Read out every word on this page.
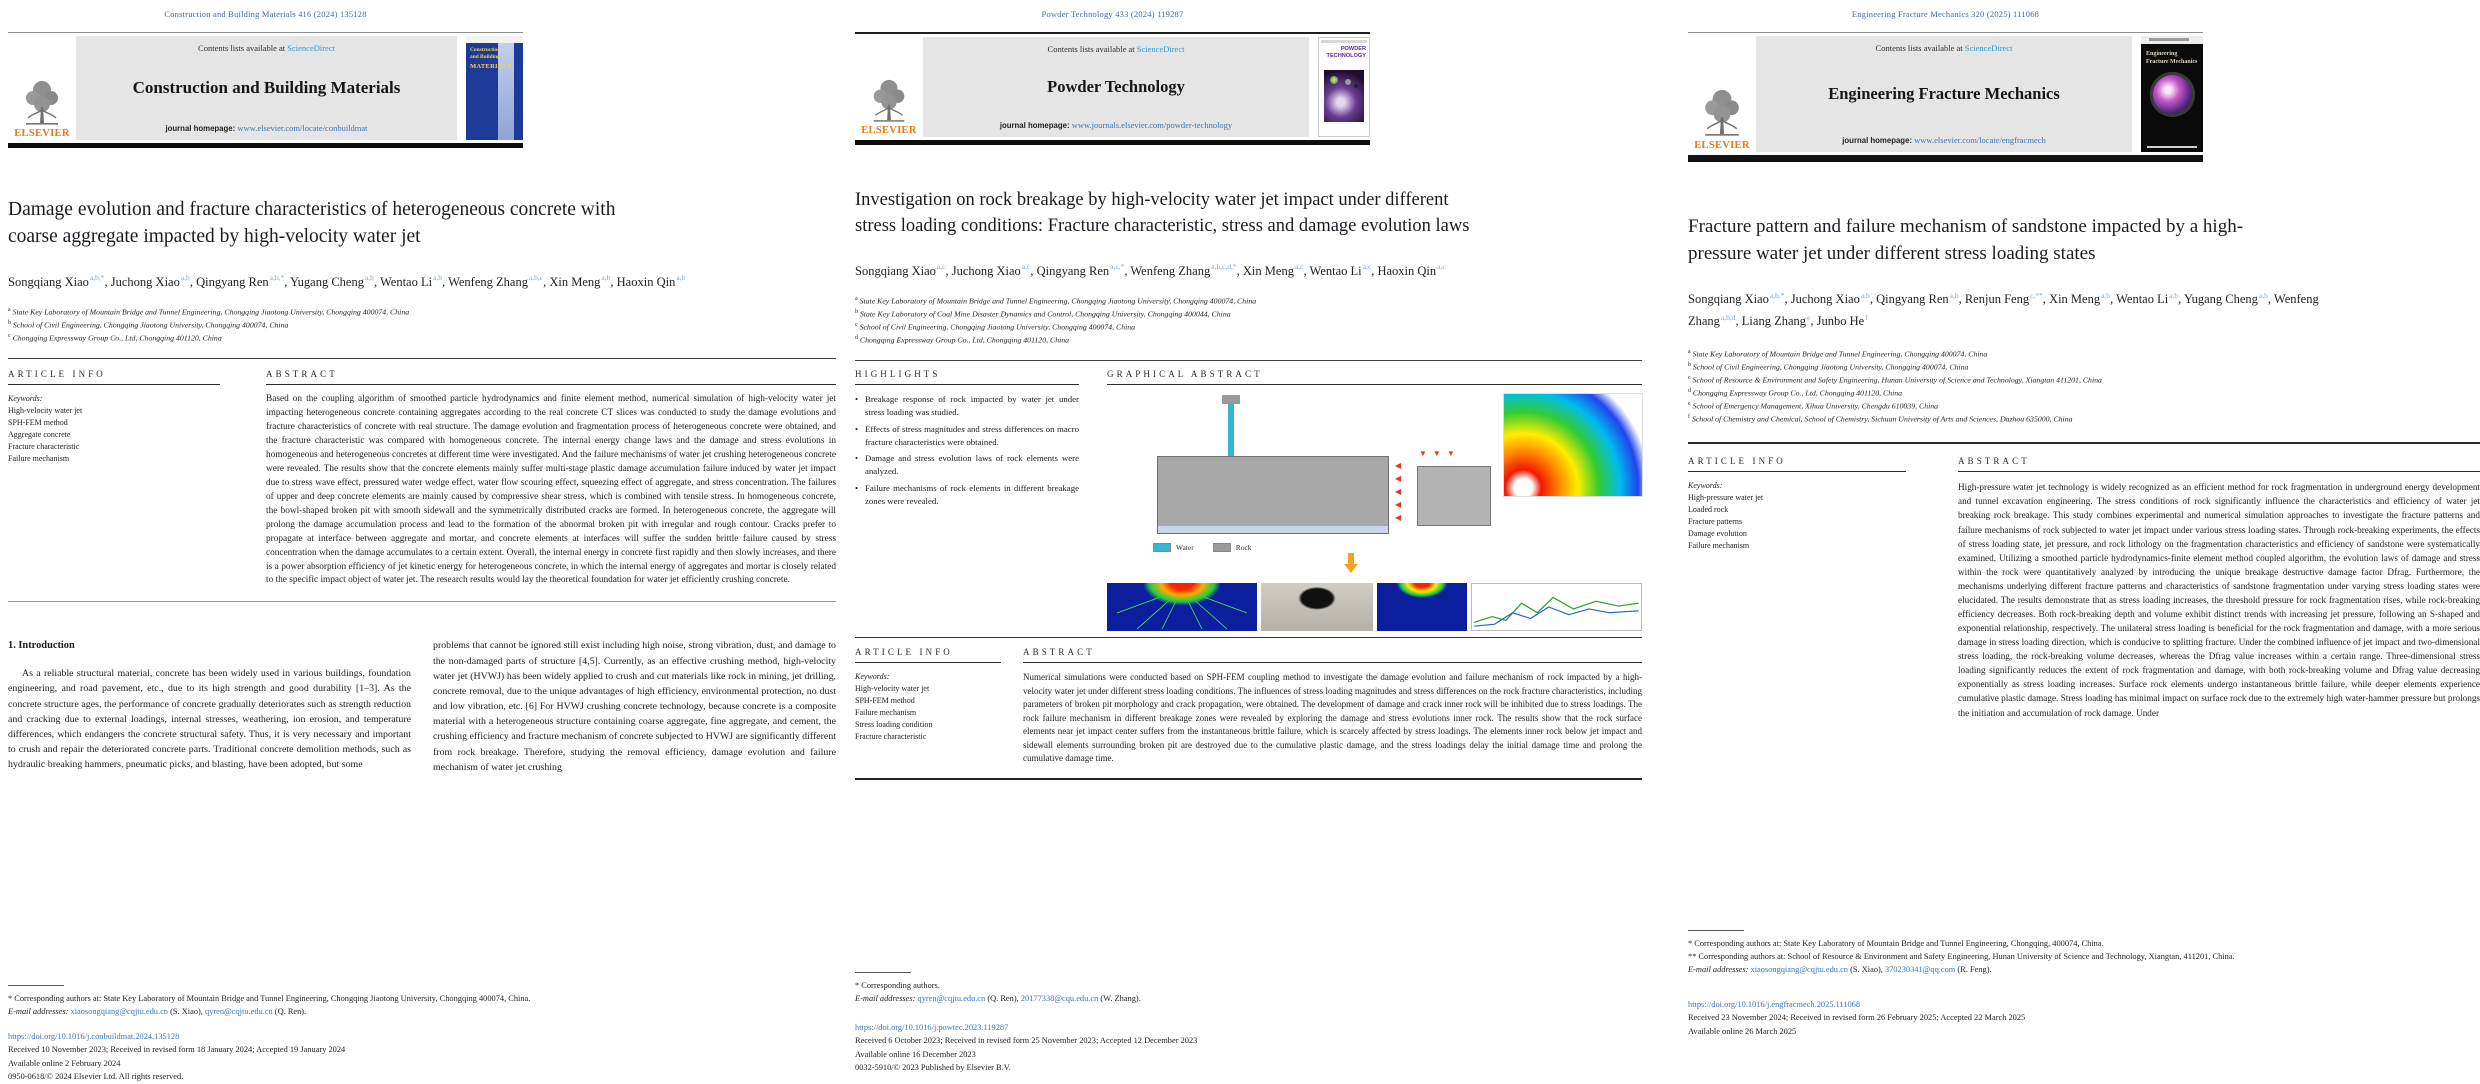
Construction and Building Materials 416 (2024) 135128
ELSEVIER
Contents lists available at ScienceDirect
Construction and Building Materials
journal homepage: www.elsevier.com/locate/conbuildmat
Construction and Building
MATERIALS
Damage evolution and fracture characteristics of heterogeneous concrete with coarse aggregate impacted by high-velocity water jet
Songqiang Xiao$^{a,b,*}$, Juchong Xiao$^{a,b}$, Qingyang Ren$^{a,b,*}$, Yugang Cheng$^{a,b}$, Wentao Li$^{a,b}$, Wenfeng Zhang$^{a,b,c}$, Xin Meng$^{a,b}$, Haoxin Qin$^{a,b}$
$^a$ State Key Laboratory of Mountain Bridge and Tunnel Engineering, Chongqing Jiaotong University, Chongqing 400074, China
$^b$ School of Civil Engineering, Chongqing Jiaotong University, Chongqing 400074, China
$^c$ Chongqing Expressway Group Co., Ltd, Chongqing 401120, China
ARTICLE INFO
Keywords:
High-velocity water jet
SPH-FEM method
Aggregate concrete
Fracture characteristic
Failure mechanism
ABSTRACT
Based on the coupling algorithm of smoothed particle hydrodynamics and finite element method, numerical simulation of high-velocity water jet impacting heterogeneous concrete containing aggregates according to the real concrete CT slices was conducted to study the damage evolutions and fracture characteristics of concrete with real structure. The damage evolution and fragmentation process of heterogeneous concrete were obtained, and the fracture characteristic was compared with homogeneous concrete. The internal energy change laws and the damage and stress evolutions in homogeneous and heterogeneous concretes at different time were investigated. And the failure mechanisms of water jet crushing heterogeneous concrete were revealed. The results show that the concrete elements mainly suffer multi-stage plastic damage accumulation failure induced by water jet impact due to stress wave effect, pressured water wedge effect, water flow scouring effect, squeezing effect of aggregate, and stress concentration. The failures of upper and deep concrete elements are mainly caused by compressive shear stress, which is combined with tensile stress. In homogeneous concrete, the bowl-shaped broken pit with smooth sidewall and the symmetrically distributed cracks are formed. In heterogeneous concrete, the aggregate will prolong the damage accumulation process and lead to the formation of the abnormal broken pit with irregular and rough contour. Cracks prefer to propagate at interface between aggregate and mortar, and concrete elements at interfaces will suffer the sudden brittle failure caused by stress concentration when the damage accumulates to a certain extent. Overall, the internal energy in concrete first rapidly and then slowly increases, and there is a power absorption efficiency of jet kinetic energy for heterogeneous concrete, in which the internal energy of aggregates and mortar is closely related to the specific impact object of water jet. The research results would lay the theoretical foundation for water jet efficiently crushing concrete.
1. Introduction

As a reliable structural material, concrete has been widely used in various buildings, foundation engineering, and road pavement, etc., due to its high strength and good durability [1–3]. As the concrete structure ages, the performance of concrete gradually deteriorates such as strength reduction and cracking due to external loadings, internal stresses, weathering, ion erosion, and temperature differences, which endangers the concrete structural safety. Thus, it is very necessary and important to crush and repair the deteriorated concrete parts. Traditional concrete demolition methods, such as hydraulic breaking hammers, pneumatic picks, and blasting, have been adopted, but some

problems that cannot be ignored still exist including high noise, strong vibration, dust, and damage to the non-damaged parts of structure [4,5]. Currently, as an effective crushing method, high-velocity water jet (HVWJ) has been widely applied to crush and cut materials like rock in mining, jet drilling, concrete removal, due to the unique advantages of high efficiency, environmental protection, no dust and low vibration, etc. [6] For HVWJ crushing concrete technology, because concrete is a composite material with a heterogeneous structure containing coarse aggregate, fine aggregate, and cement, the crushing efficiency and fracture mechanism of concrete subjected to HVWJ are significantly different from rock breakage. Therefore, studying the removal efficiency, damage evolution and failure mechanism of water jet crushing

* Corresponding authors at: State Key Laboratory of Mountain Bridge and Tunnel Engineering, Chongqing Jiaotong University, Chongqing 400074, China.
E-mail addresses: xiaosongqiang@cqjtu.edu.cn (S. Xiao), qyren@cqjtu.edu.cn (Q. Ren).
https://doi.org/10.1016/j.conbuildmat.2024.135128
Received 10 November 2023; Received in revised form 18 January 2024; Accepted 19 January 2024
Available online 2 February 2024
0950-0618/© 2024 Elsevier Ltd. All rights reserved.
Powder Technology 433 (2024) 119287
ELSEVIER
Contents lists available at ScienceDirect
Powder Technology
journal homepage: www.journals.elsevier.com/powder-technology
POWDER TECHNOLOGY
Investigation on rock breakage by high-velocity water jet impact under different stress loading conditions: Fracture characteristic, stress and damage evolution laws
Songqiang Xiao$^{a,c}$, Juchong Xiao$^{a,c}$, Qingyang Ren$^{a,c,*}$, Wenfeng Zhang$^{a,b,c,d,*}$, Xin Meng$^{a,c}$, Wentao Li$^{a,c}$, Haoxin Qin$^{a,c}$
$^a$ State Key Laboratory of Mountain Bridge and Tunnel Engineering, Chongqing Jiaotong University, Chongqing 400074, China
$^b$ State Key Laboratory of Coal Mine Disaster Dynamics and Control, Chongqing University, Chongqing 400044, China
$^c$ School of Civil Engineering, Chongqing Jiaotong University, Chongqing 400074, China
$^d$ Chongqing Expressway Group Co., Ltd, Chongqing 401120, China
HIGHLIGHTS
• Breakage response of rock impacted by water jet under stress loading was studied.
• Effects of stress magnitudes and stress differences on macro fracture characteristics were obtained.
• Damage and stress evolution laws of rock elements were analyzed.
• Failure mechanisms of rock elements in different breakage zones were revealed.
GRAPHICAL ABSTRACT
◀
◀
◀
◀
◀
▼▼▼
Water	Rock
ARTICLE INFO
Keywords:
High-velocity water jet
SPH-FEM method
Failure mechanism
Stress loading condition
Fracture characteristic
ABSTRACT
Numerical simulations were conducted based on SPH-FEM coupling method to investigate the damage evolution and failure mechanism of rock impacted by a high-velocity water jet under different stress loading conditions. The influences of stress loading magnitudes and stress differences on the rock fracture characteristics, including parameters of broken pit morphology and crack propagation, were obtained. The development of damage and crack inner rock will be inhibited due to stress loadings. The rock failure mechanism in different breakage zones were revealed by exploring the damage and stress evolutions inner rock. The results show that the rock surface elements near jet impact center suffers from the instantaneous brittle failure, which is scarcely affected by stress loadings. The elements inner rock below jet impact and sidewall elements surrounding broken pit are destroyed due to the cumulative plastic damage, and the stress loadings delay the initial damage time and prolong the cumulative damage time.
* Corresponding authors.
E-mail addresses: qyren@cqjtu.edu.cn (Q. Ren), 20177338@cqu.edu.cn (W. Zhang).
https://doi.org/10.1016/j.powtec.2023.119287
Received 6 October 2023; Received in revised form 25 November 2023; Accepted 12 December 2023
Available online 16 December 2023
0032-5910/© 2023 Published by Elsevier B.V.
Engineering Fracture Mechanics 320 (2025) 111068
ELSEVIER
Contents lists available at ScienceDirect
Engineering Fracture Mechanics
journal homepage: www.elsevier.com/locate/engfracmech
Engineering Fracture Mechanics
Fracture pattern and failure mechanism of sandstone impacted by a high-pressure water jet under different stress loading states
Songqiang Xiao$^{a,b,*}$, Juchong Xiao$^{a,b}$, Qingyang Ren$^{a,b}$, Renjun Feng$^{c,**}$, Xin Meng$^{a,b}$, Wentao Li$^{a,b}$, Yugang Cheng$^{a,b}$, Wenfeng Zhang$^{a,b,d}$, Liang Zhang$^e$, Junbo He$^f$
$^a$ State Key Laboratory of Mountain Bridge and Tunnel Engineering, Chongqing 400074, China
$^b$ School of Civil Engineering, Chongqing Jiaotong University, Chongqing 400074, China
$^c$ School of Resource & Environment and Safety Engineering, Hunan University of Science and Technology, Xiangtan 411201, China
$^d$ Chongqing Expressway Group Co., Ltd, Chongqing 401120, China
$^e$ School of Emergency Management, Xihua University, Chengdu 610039, China
$^f$ School of Chemistry and Chemical, School of Chemistry, Sichuan University of Arts and Sciences, Dazhou 635000, China
ARTICLE INFO
Keywords:
High-pressure water jet
Loaded rock
Fracture patterns
Damage evolution
Failure mechanism
ABSTRACT
High-pressure water jet technology is widely recognized as an efficient method for rock fragmentation in underground energy development and tunnel excavation engineering. The stress conditions of rock significantly influence the characteristics and efficiency of water jet breaking rock breakage. This study combines experimental and numerical simulation approaches to investigate the fracture patterns and failure mechanisms of rock subjected to water jet impact under various stress loading states. Through rock-breaking experiments, the effects of stress loading state, jet pressure, and rock lithology on the fragmentation characteristics and efficiency of sandstone were systematically examined. Utilizing a smoothed particle hydrodynamics-finite element method coupled algorithm, the evolution laws of damage and stress within the rock were quantitatively analyzed by introducing the unique breakage destructive damage factor Dfrag. Furthermore, the mechanisms underlying different fracture patterns and characteristics of sandstone fragmentation under varying stress loading states were elucidated. The results demonstrate that as stress loading increases, the threshold pressure for rock fragmentation rises, while rock-breaking efficiency decreases. Both rock-breaking depth and volume exhibit distinct trends with increasing jet pressure, following an S-shaped and exponential relationship, respectively. The unilateral stress loading is beneficial for the rock fragmentation and damage, with a more serious damage in stress loading direction, which is conducive to splitting fracture. Under the combined influence of jet impact and two-dimensional stress loading, the rock-breaking volume decreases, whereas the Dfrag value increases within a certain range. Three-dimensional stress loading significantly reduces the extent of rock fragmentation and damage, with both rock-breaking volume and Dfrag value decreasing exponentially as stress loading increases. Surface rock elements undergo instantaneous brittle failure, while deeper elements experience cumulative plastic damage. Stress loading has minimal impact on surface rock due to the extremely high water-hammer pressure but prolongs the initiation and accumulation of rock damage. Under
* Corresponding authors at: State Key Laboratory of Mountain Bridge and Tunnel Engineering, Chongqing, 400074, China.
** Corresponding authors at: School of Resource & Environment and Safety Engineering, Hunan University of Science and Technology, Xiangtan, 411201, China.
E-mail addresses: xiaosongqiang@cqjtu.edu.cn (S. Xiao), 370230341@qq.com (R. Feng).
https://doi.org/10.1016/j.engfracmech.2025.111068
Received 23 November 2024; Received in revised form 26 February 2025; Accepted 22 March 2025
Available online 26 March 2025
